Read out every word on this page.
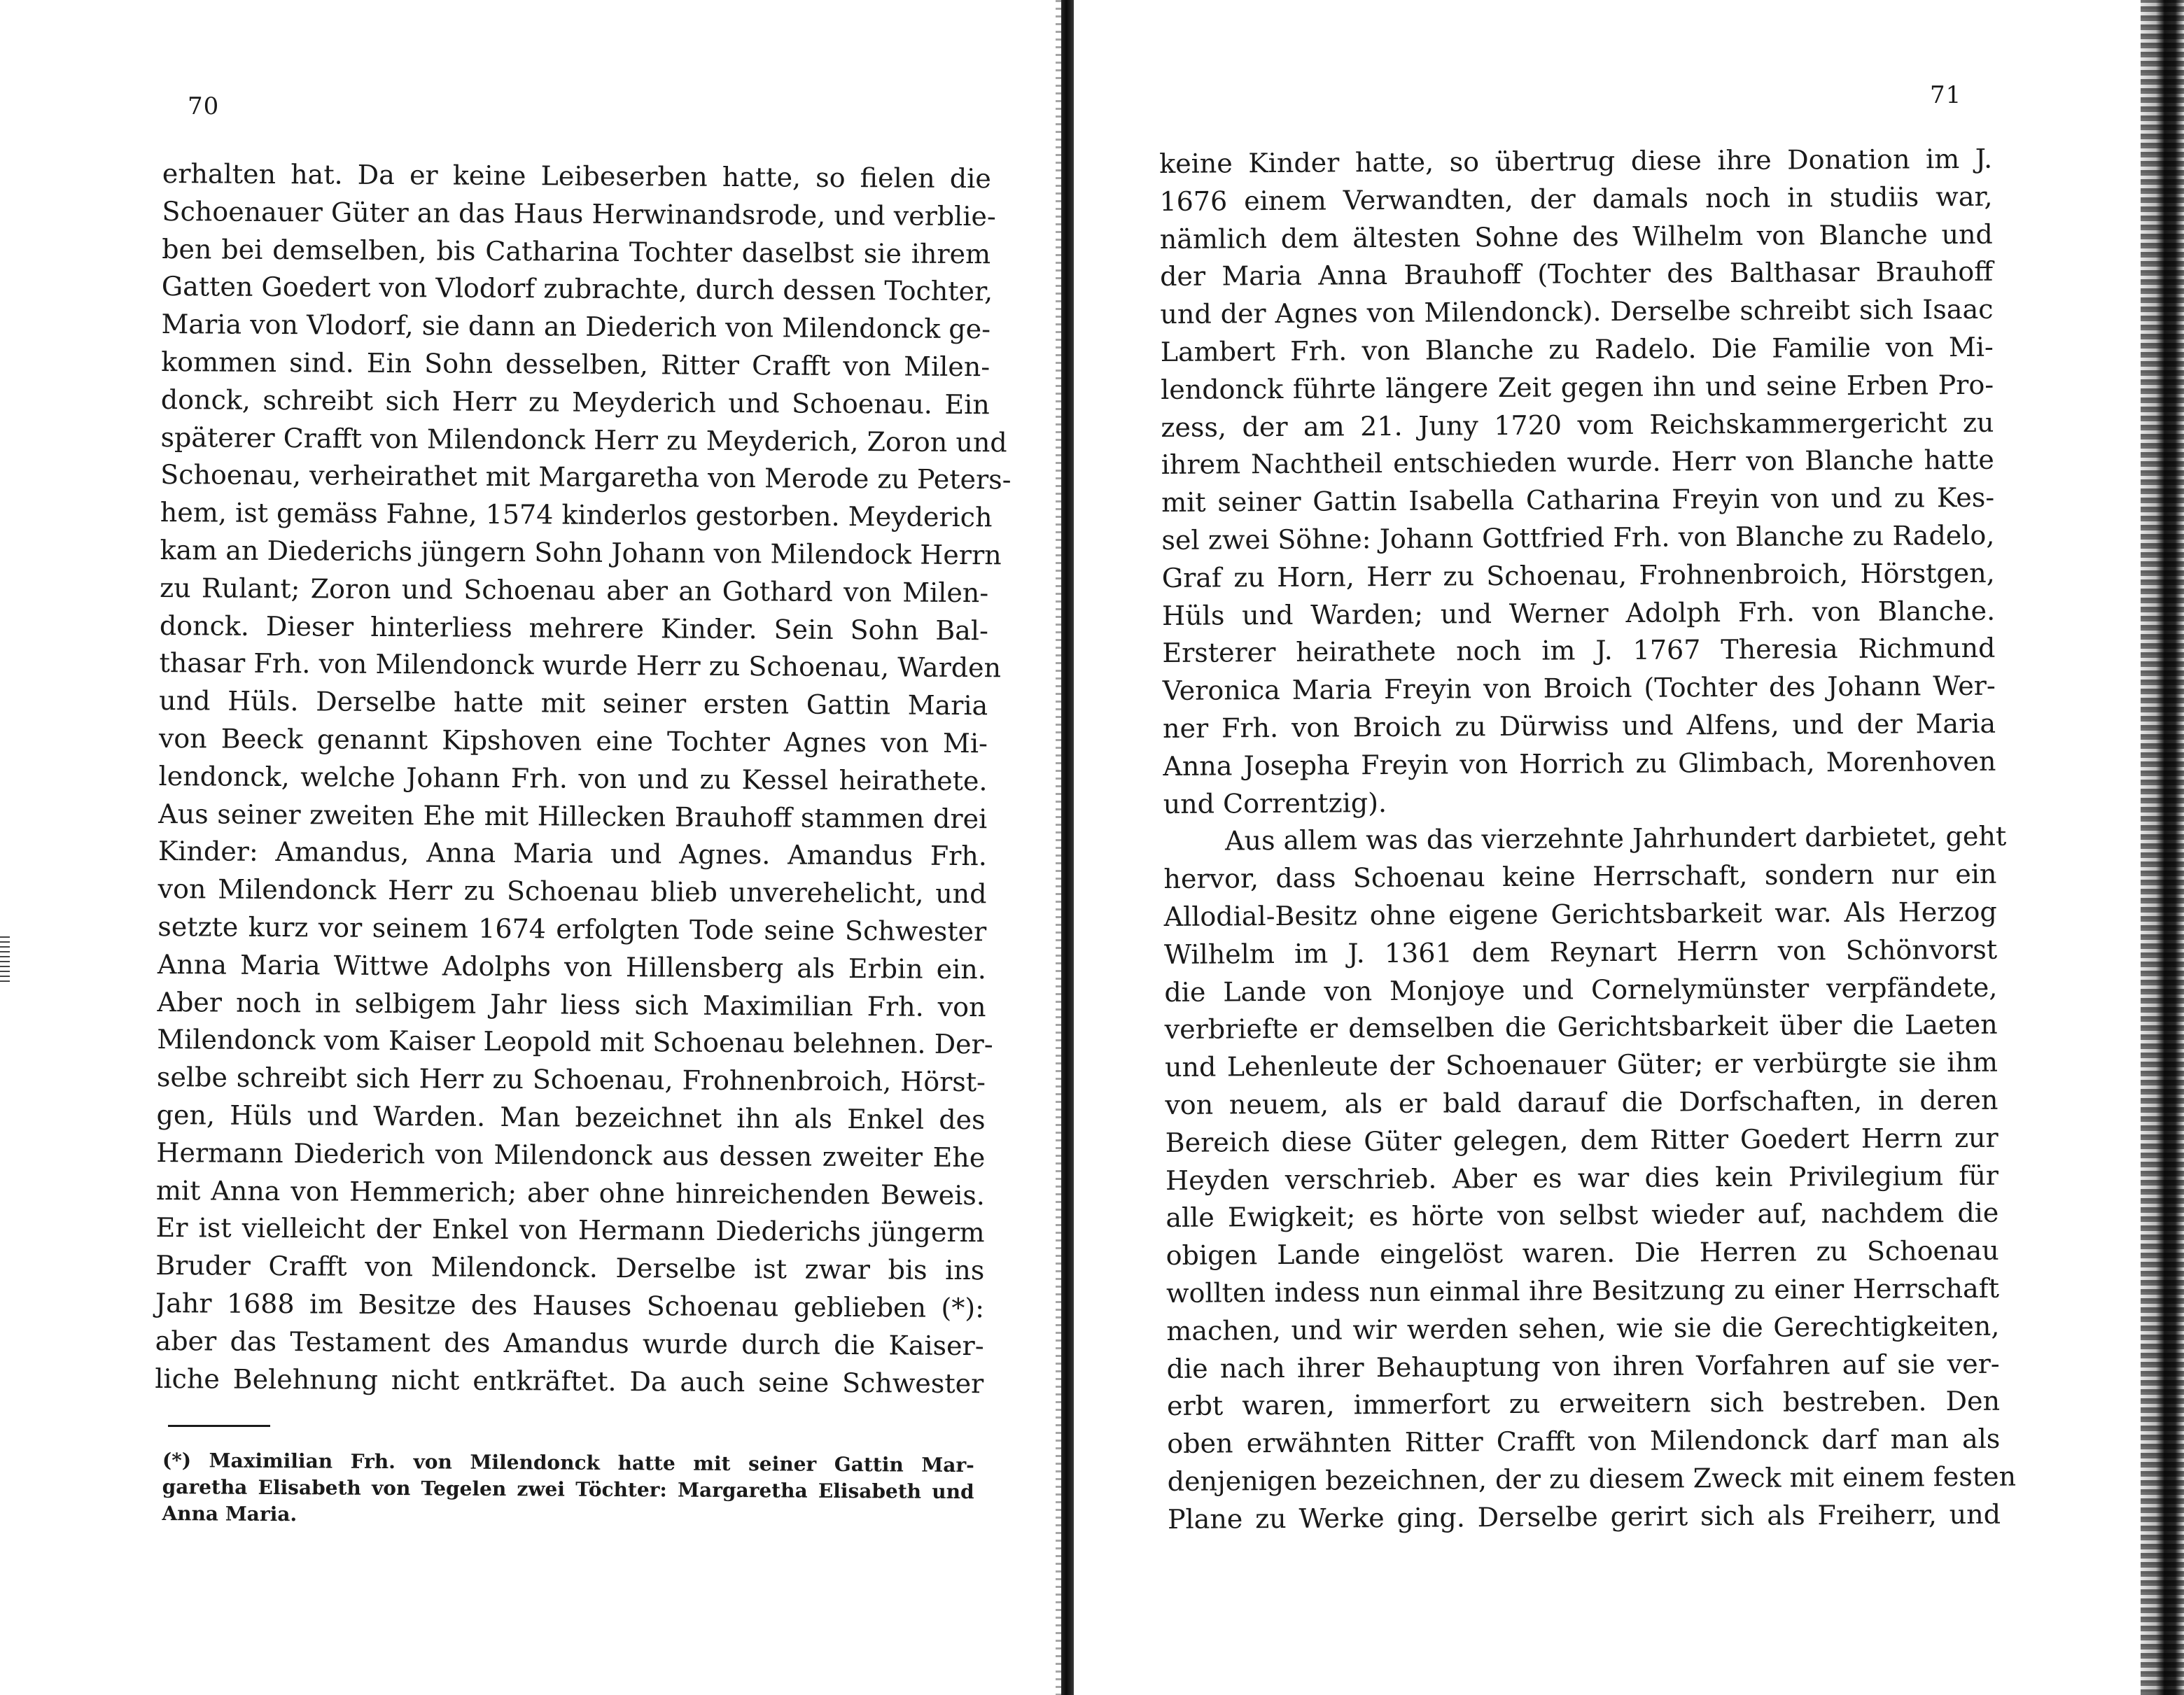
70
erhalten hat. Da er keine Leibeserben hatte, so fielen die
Schoenauer Güter an das Haus Herwinandsrode, und verblie-
ben bei demselben, bis Catharina Tochter daselbst sie ihrem
Gatten Goedert von Vlodorf zubrachte, durch dessen Tochter,
Maria von Vlodorf, sie dann an Diederich von Milendonck ge-
kommen sind. Ein Sohn desselben, Ritter Crafft von Milen-
donck, schreibt sich Herr zu Meyderich und Schoenau. Ein
späterer Crafft von Milendonck Herr zu Meyderich, Zoron und
Schoenau, verheirathet mit Margaretha von Merode zu Peters-
hem, ist gemäss Fahne, 1574 kinderlos gestorben. Meyderich
kam an Diederichs jüngern Sohn Johann von Milendock Herrn
zu Rulant; Zoron und Schoenau aber an Gothard von Milen-
donck. Dieser hinterliess mehrere Kinder. Sein Sohn Bal-
thasar Frh. von Milendonck wurde Herr zu Schoenau, Warden
und Hüls. Derselbe hatte mit seiner ersten Gattin Maria
von Beeck genannt Kipshoven eine Tochter Agnes von Mi-
lendonck, welche Johann Frh. von und zu Kessel heirathete.
Aus seiner zweiten Ehe mit Hillecken Brauhoff stammen drei
Kinder: Amandus, Anna Maria und Agnes. Amandus Frh.
von Milendonck Herr zu Schoenau blieb unverehelicht, und
setzte kurz vor seinem 1674 erfolgten Tode seine Schwester
Anna Maria Wittwe Adolphs von Hillensberg als Erbin ein.
Aber noch in selbigem Jahr liess sich Maximilian Frh. von
Milendonck vom Kaiser Leopold mit Schoenau belehnen. Der-
selbe schreibt sich Herr zu Schoenau, Frohnenbroich, Hörst-
gen, Hüls und Warden. Man bezeichnet ihn als Enkel des
Hermann Diederich von Milendonck aus dessen zweiter Ehe
mit Anna von Hemmerich; aber ohne hinreichenden Beweis.
Er ist vielleicht der Enkel von Hermann Diederichs jüngerm
Bruder Crafft von Milendonck. Derselbe ist zwar bis ins
Jahr 1688 im Besitze des Hauses Schoenau geblieben (*):
aber das Testament des Amandus wurde durch die Kaiser-
liche Belehnung nicht entkräftet. Da auch seine Schwester
(*) Maximilian Frh. von Milendonck hatte mit seiner Gattin Mar-
garetha Elisabeth von Tegelen zwei Töchter: Margaretha Elisabeth und
Anna Maria.
71
keine Kinder hatte, so übertrug diese ihre Donation im J.
1676 einem Verwandten, der damals noch in studiis war,
nämlich dem ältesten Sohne des Wilhelm von Blanche und
der Maria Anna Brauhoff (Tochter des Balthasar Brauhoff
und der Agnes von Milendonck). Derselbe schreibt sich Isaac
Lambert Frh. von Blanche zu Radelo. Die Familie von Mi-
lendonck führte längere Zeit gegen ihn und seine Erben Pro-
zess, der am 21. Juny 1720 vom Reichskammergericht zu
ihrem Nachtheil entschieden wurde. Herr von Blanche hatte
mit seiner Gattin Isabella Catharina Freyin von und zu Kes-
sel zwei Söhne: Johann Gottfried Frh. von Blanche zu Radelo,
Graf zu Horn, Herr zu Schoenau, Frohnenbroich, Hörstgen,
Hüls und Warden; und Werner Adolph Frh. von Blanche.
Ersterer heirathete noch im J. 1767 Theresia Richmund
Veronica Maria Freyin von Broich (Tochter des Johann Wer-
ner Frh. von Broich zu Dürwiss und Alfens, und der Maria
Anna Josepha Freyin von Horrich zu Glimbach, Morenhoven
und Correntzig).
Aus allem was das vierzehnte Jahrhundert darbietet, geht
hervor, dass Schoenau keine Herrschaft, sondern nur ein
Allodial-Besitz ohne eigene Gerichtsbarkeit war. Als Herzog
Wilhelm im J. 1361 dem Reynart Herrn von Schönvorst
die Lande von Monjoye und Cornelymünster verpfändete,
verbriefte er demselben die Gerichtsbarkeit über die Laeten
und Lehenleute der Schoenauer Güter; er verbürgte sie ihm
von neuem, als er bald darauf die Dorfschaften, in deren
Bereich diese Güter gelegen, dem Ritter Goedert Herrn zur
Heyden verschrieb. Aber es war dies kein Privilegium für
alle Ewigkeit; es hörte von selbst wieder auf, nachdem die
obigen Lande eingelöst waren. Die Herren zu Schoenau
wollten indess nun einmal ihre Besitzung zu einer Herrschaft
machen, und wir werden sehen, wie sie die Gerechtigkeiten,
die nach ihrer Behauptung von ihren Vorfahren auf sie ver-
erbt waren, immerfort zu erweitern sich bestreben. Den
oben erwähnten Ritter Crafft von Milendonck darf man als
denjenigen bezeichnen, der zu diesem Zweck mit einem festen
Plane zu Werke ging. Derselbe gerirt sich als Freiherr, und
